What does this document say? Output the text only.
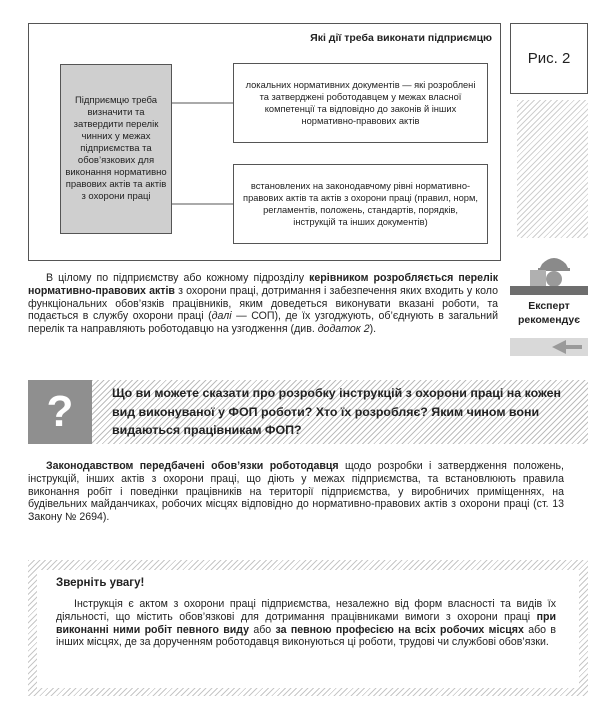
Які дії треба виконати підприємцю
Підприємцю треба визначити та затвердити перелік чинних у межах підприємства та обов’язкових для виконання нормативно правових актів та актів з охорони праці
локальних нормативних документів — які розроблені та затверджені роботодавцем у межах власної компетенції та відповідно до законів й інших нормативно-правових актів
встановлених на законодавчому рівні нормативно-правових актів та актів з охорони праці (правил, норм, регламентів, положень, стандартів, порядків, інструкцій та інших документів)
Рис. 2
В цілому по підприємству або кожному підрозділу керівником розробляється перелік нормативно-правових актів з охорони праці, дотримання і забезпечення яких входить у коло функціональних обов’язків працівників, яким доведеться виконувати вказані роботи, та подається в службу охорони праці (далі — СОП), де їх узгоджують, об’єднують в загальний перелік та направляють роботодавцю на узгодження (див. додаток 2).
Експерт
рекомендує
?	Що ви можете сказати про розробку інструкцій з охорони праці на кожен вид виконуваної у ФОП роботи? Хто їх розробляє? Яким чином вони видаються працівникам ФОП?
Законодавством передбачені обов’язки роботодавця щодо розробки і затвердження положень, інструкцій, інших актів з охорони праці, що діють у межах підприємства, та встановлюють правила виконання робіт і поведінки працівників на території підприємства, у виробничих приміщеннях, на будівельних майданчиках, робочих місцях відповідно до нормативно-правових актів з охорони праці (ст. 13 Закону № 2694).
Зверніть увагу!
Інструкція є актом з охорони праці підприємства, незалежно від форм власності та видів їх діяльності, що містить обов’язкові для дотримання працівниками вимоги з охорони праці при виконанні ними робіт певного виду або за певною професією на всіх робочих місцях або в інших місцях, де за дорученням роботодавця виконуються ці роботи, трудові чи службові обов’язки.
